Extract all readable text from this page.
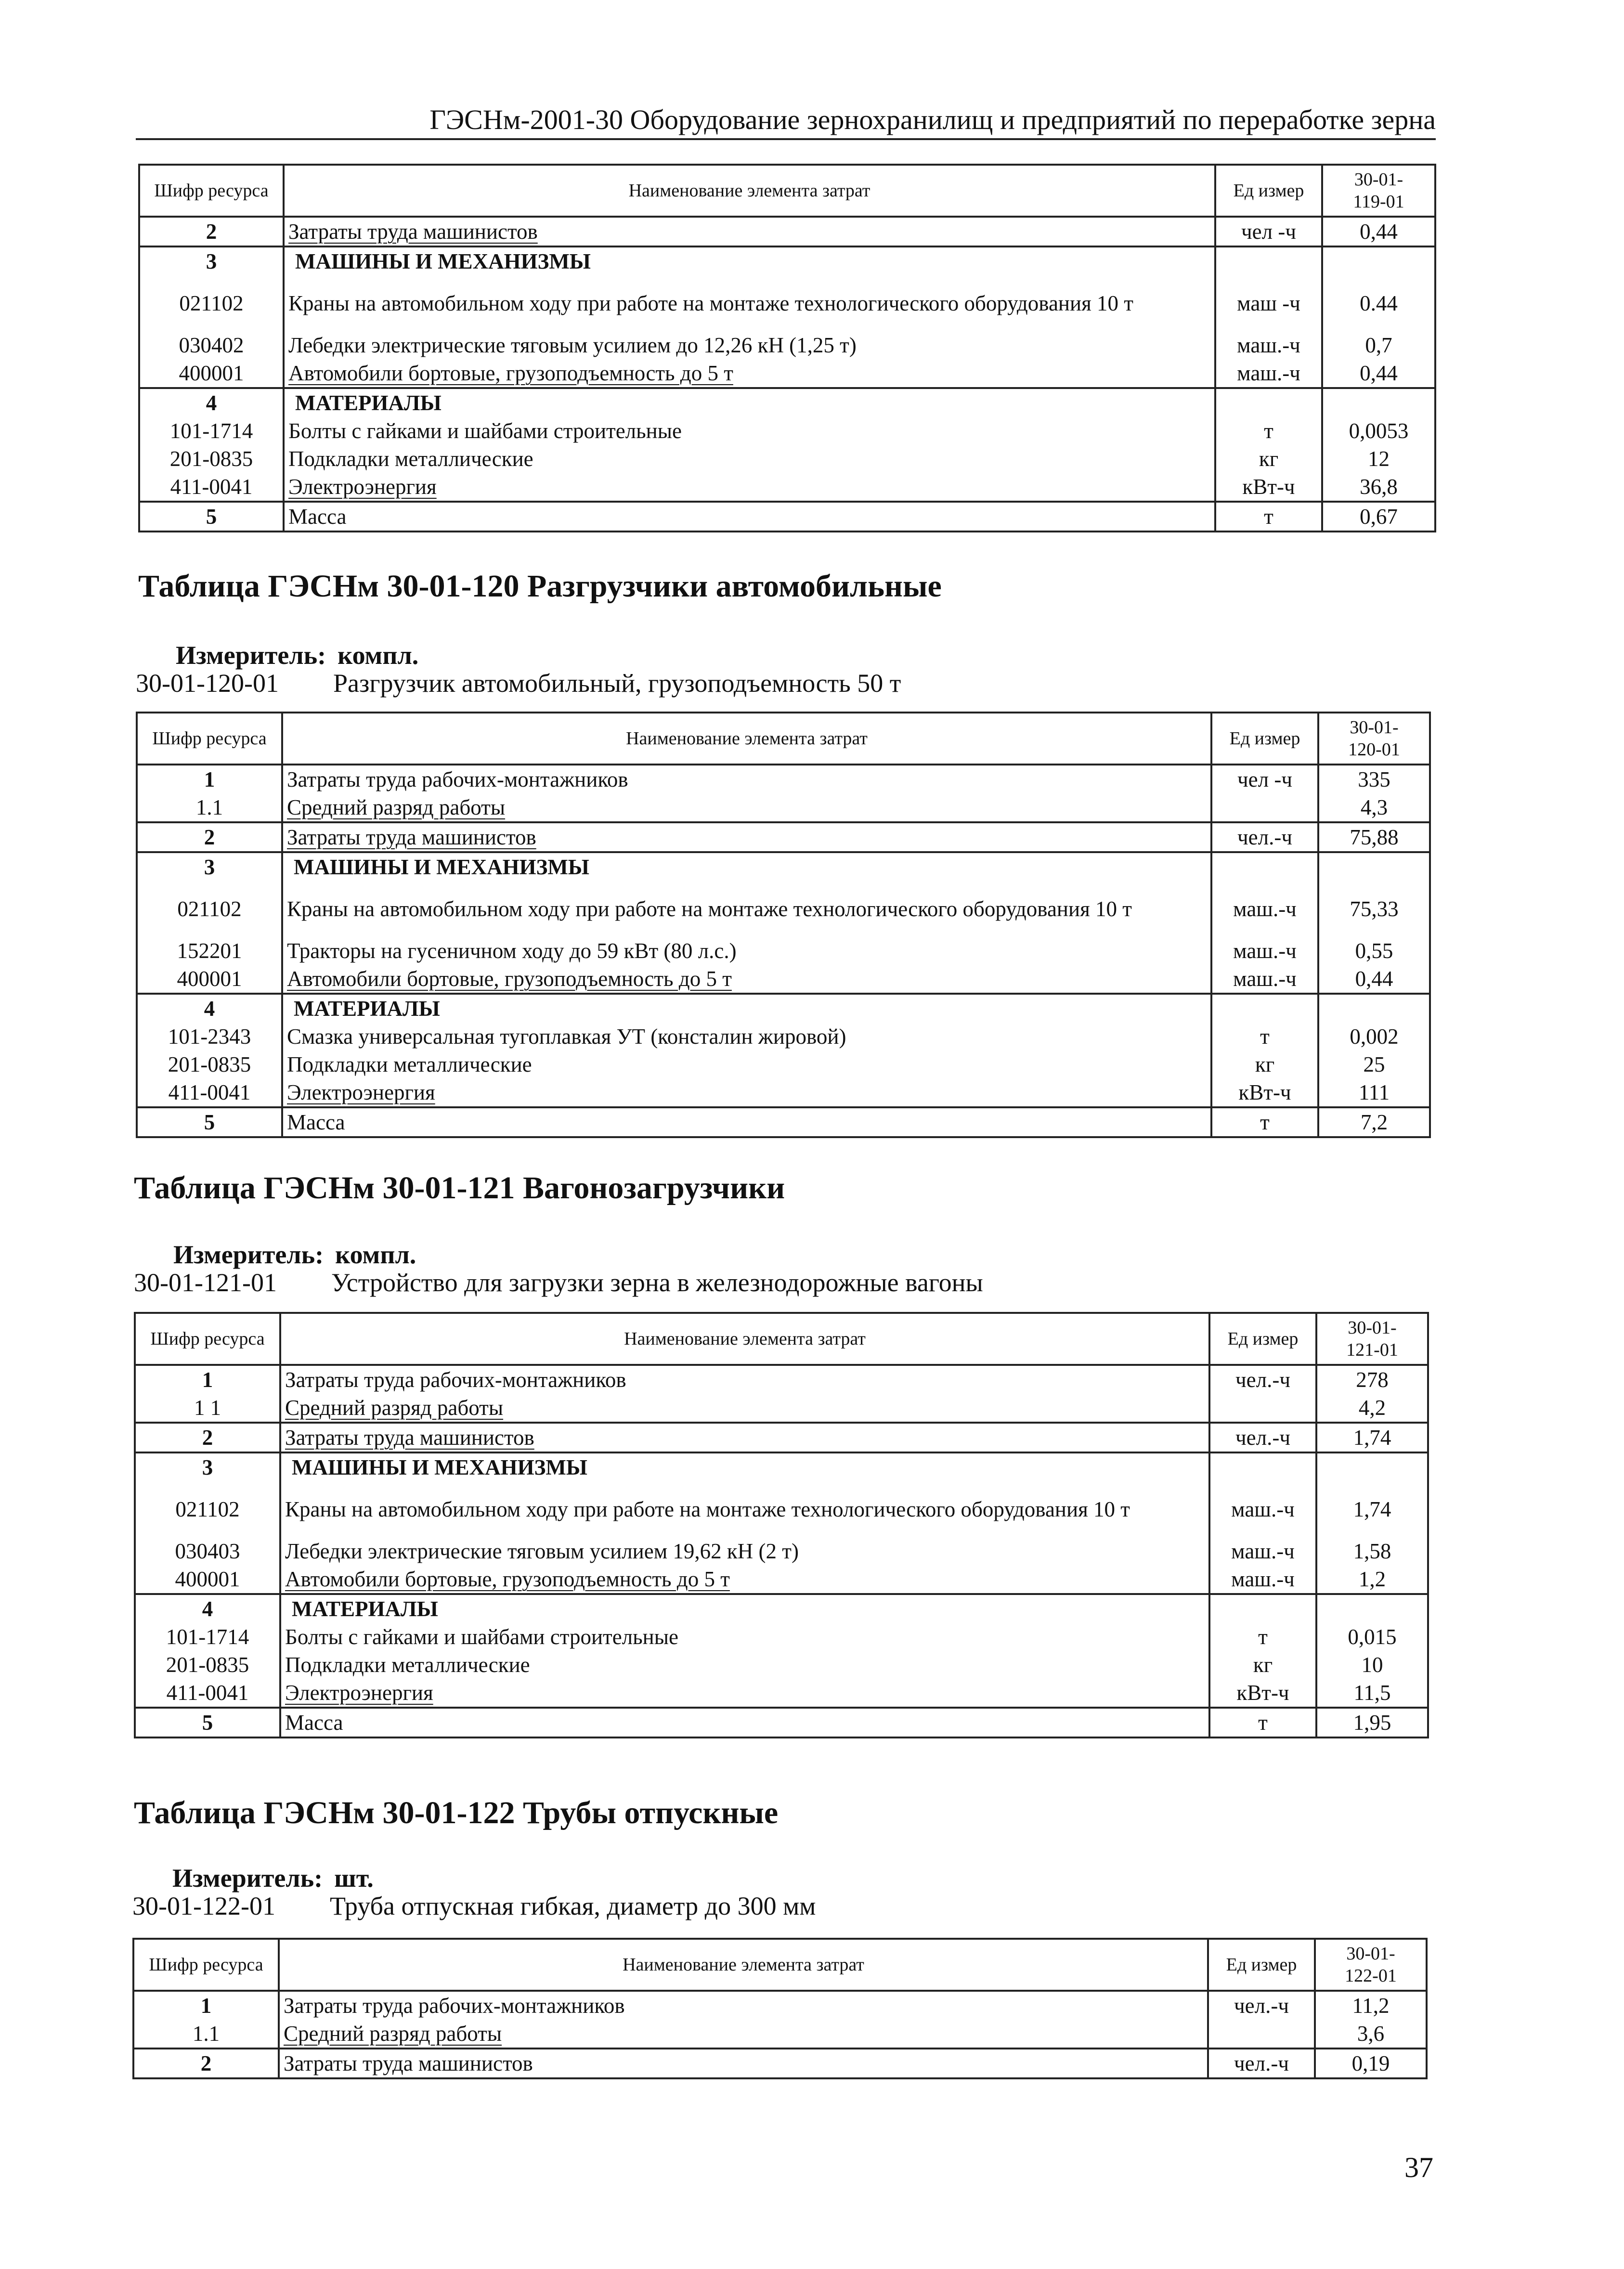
ГЭСНм-2001-30 Оборудование зернохранилищ и предприятий по переработке зерна
Шифр ресурса	Наименование элемента затрат	Ед измер	30-01-
119-01

2	Затраты труда машинистов	чел -ч	0,44
3	МАШИНЫ И МЕХАНИЗМЫ		
021102	Краны на автомобильном ходу при работе на монтаже технологического оборудования 10 т	маш -ч	0.44
030402	Лебедки электрические тяговым усилием до 12,26 кН (1,25 т)	маш.-ч	0,7
400001	Автомобили бортовые, грузоподъемность до 5 т	маш.-ч	0,44
4	МАТЕРИАЛЫ		
101-1714	Болты с гайками и шайбами строительные	т	0,0053
201-0835	Подкладки металлические	кг	12
411-0041	Электроэнергия	кВт-ч	36,8
5	Масса	т	0,67
Таблица ГЭСНм 30-01-120 Разгрузчики автомобильные
Измеритель: компл.
30-01-120-01 Разгрузчик автомобильный, грузоподъемность 50 т
Шифр ресурса	Наименование элемента затрат	Ед измер	30-01-
120-01

1	Затраты труда рабочих-монтажников	чел -ч	335
1.1	Средний разряд работы		4,3
2	Затраты труда машинистов	чел.-ч	75,88
3	МАШИНЫ И МЕХАНИЗМЫ		
021102	Краны на автомобильном ходу при работе на монтаже технологического оборудования 10 т	маш.-ч	75,33
152201	Тракторы на гусеничном ходу до 59 кВт (80 л.с.)	маш.-ч	0,55
400001	Автомобили бортовые, грузоподъемность до 5 т	маш.-ч	0,44
4	МАТЕРИАЛЫ		
101-2343	Смазка универсальная тугоплавкая УТ (консталин жировой)	т	0,002
201-0835	Подкладки металлические	кг	25
411-0041	Электроэнергия	кВт-ч	111
5	Масса	т	7,2
Таблица ГЭСНм 30-01-121 Вагонозагрузчики
Измеритель: компл.
30-01-121-01 Устройство для загрузки зерна в железнодорожные вагоны
Шифр ресурса	Наименование элемента затрат	Ед измер	30-01-
121-01

1	Затраты труда рабочих-монтажников	чел.-ч	278
1 1	Средний разряд работы		4,2
2	Затраты труда машинистов	чел.-ч	1,74
3	МАШИНЫ И МЕХАНИЗМЫ		
021102	Краны на автомобильном ходу при работе на монтаже технологического оборудования 10 т	маш.-ч	1,74
030403	Лебедки электрические тяговым усилием 19,62 кН (2 т)	маш.-ч	1,58
400001	Автомобили бортовые, грузоподъемность до 5 т	маш.-ч	1,2
4	МАТЕРИАЛЫ		
101-1714	Болты с гайками и шайбами строительные	т	0,015
201-0835	Подкладки металлические	кг	10
411-0041	Электроэнергия	кВт-ч	11,5
5	Масса	т	1,95
Таблица ГЭСНм 30-01-122 Трубы отпускные
Измеритель: шт.
30-01-122-01 Труба отпускная гибкая, диаметр до 300 мм
Шифр ресурса	Наименование элемента затрат	Ед измер	30-01-
122-01

1	Затраты труда рабочих-монтажников	чел.-ч	11,2
1.1	Средний разряд работы		3,6
2	Затраты труда машинистов	чел.-ч	0,19
37
